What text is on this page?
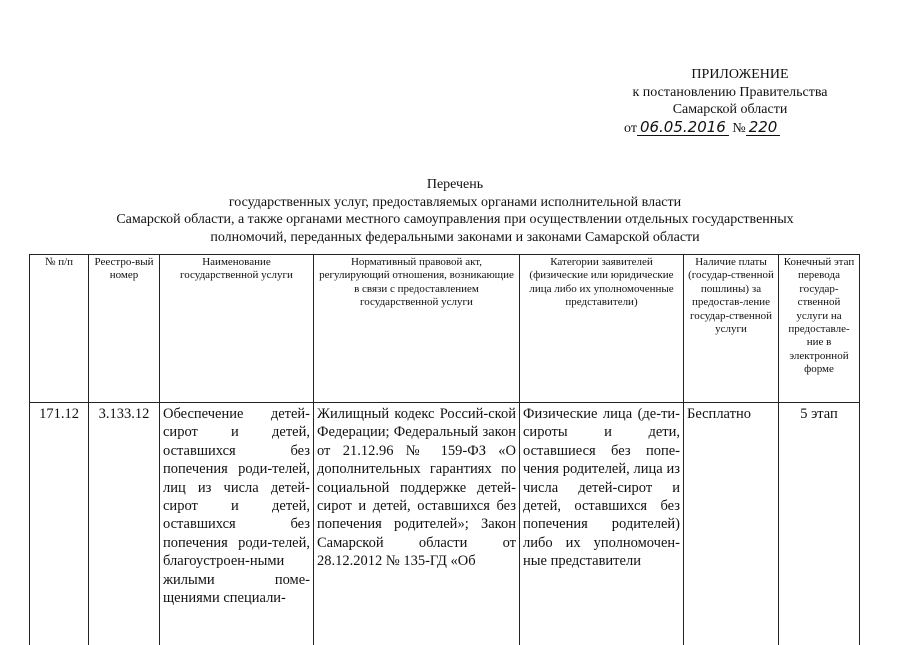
ПРИЛОЖЕНИЕ
к постановлению Правительства
Самарской области
от 06.05.2016 № 220
Перечень
государственных услуг, предоставляемых органами исполнительной власти
Самарской области, а также органами местного самоуправления при осуществлении отдельных государственных
полномочий, переданных федеральными законами и законами Самарской области
№ п/п	Реестро-вый номер	Наименование государственной услуги	Нормативный правовой акт, регулирующий отношения, возникающие в связи с предоставлением государственной услуги	Категории заявителей (физические или юридические лица либо их уполномоченные представители)	Наличие платы (государ-ственной пошлины) за предостав-ление государ-ственной услуги	Конечный этап перевода государ-ственной услуги на предоставле-ние в электронной форме
171.12	3.133.12	Обеспечение детей-сирот и детей, оставшихся без попечения роди-телей, лиц из числа детей-сирот и детей, оставшихся без попечения роди-телей, благоустроен-ными жилыми поме-щениями специали-	Жилищный кодекс Россий-ской Федерации; Федеральный закон от 21.12.96 № 159-ФЗ «О дополнительных гарантиях по социальной поддержке детей-сирот и детей, оставшихся без попечения родителей»; Закон Самарской области от 28.12.2012 № 135-ГД «Об	Физические лица (де-ти-сироты и дети, оставшиеся без попе-чения родителей, лица из числа детей-сирот и детей, оставшихся без попечения родителей) либо их уполномочен-ные представители	Бесплатно	5 этап
